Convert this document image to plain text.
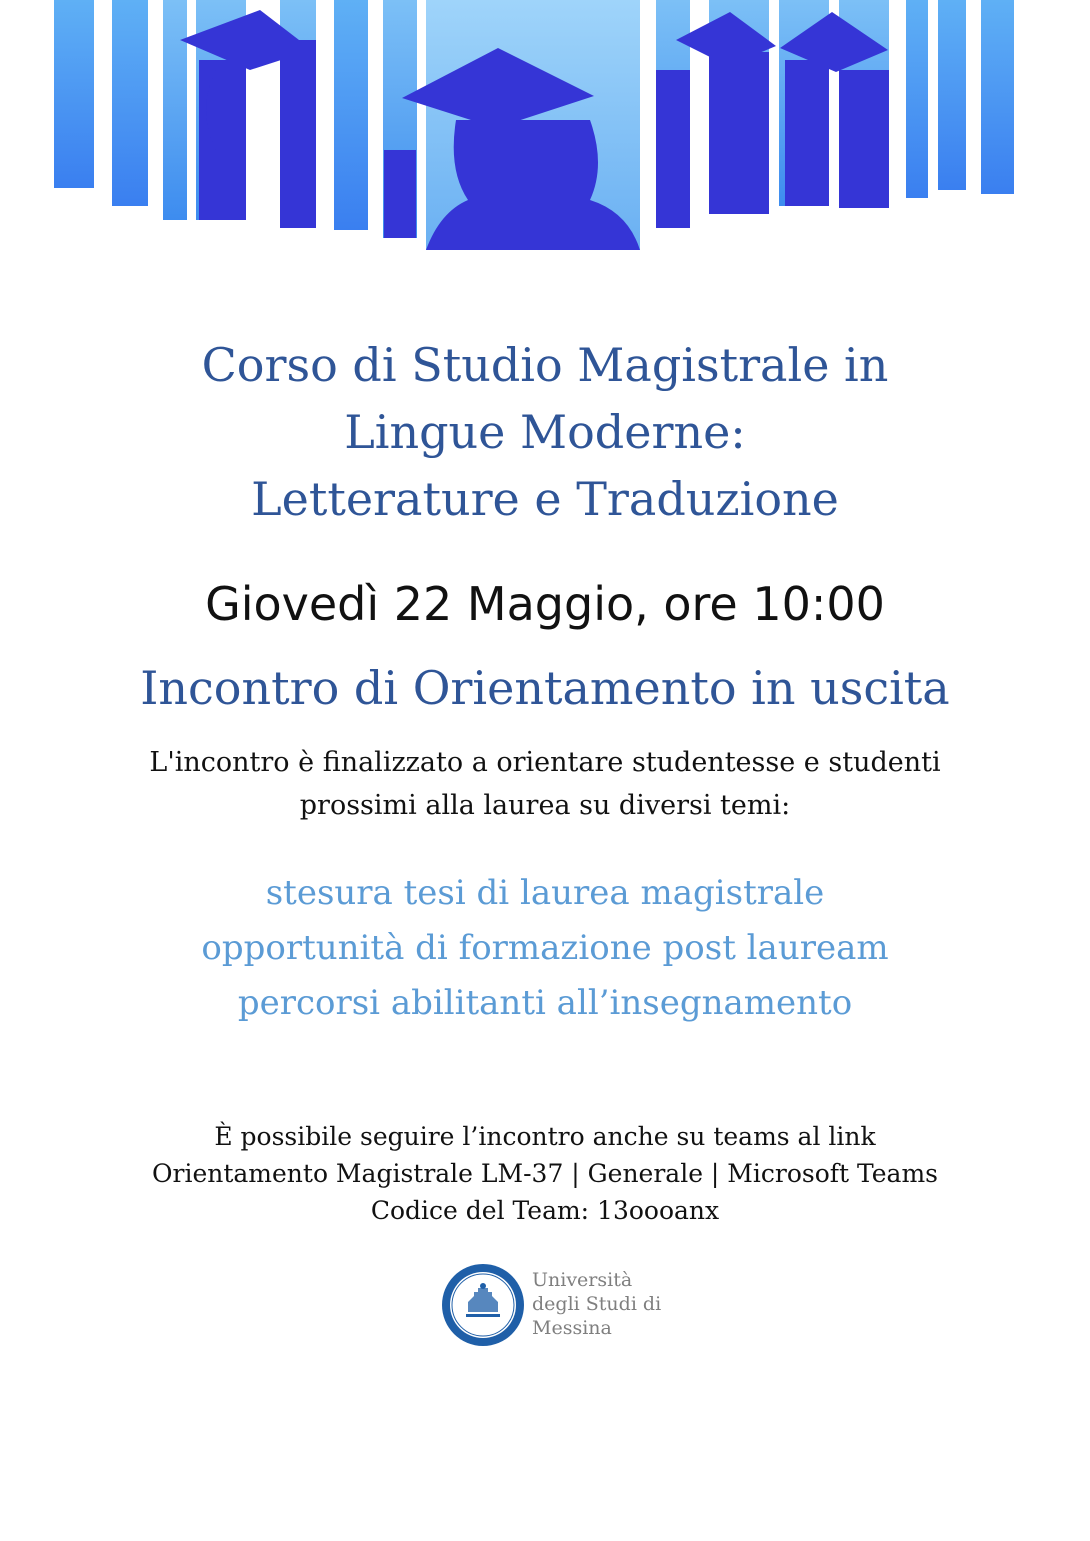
Corso di Studio Magistrale in
Lingue Moderne:
Letterature e Traduzione
Giovedì 22 Maggio, ore 10:00
Incontro di Orientamento in uscita
L'incontro è finalizzato a orientare studentesse e studenti
prossimi alla laurea su diversi temi:
stesura tesi di laurea magistrale
opportunità di formazione post lauream
percorsi abilitanti all’insegnamento
È possibile seguire l’incontro anche su teams al link
Orientamento Magistrale LM-37 | Generale | Microsoft Teams
Codice del Team: 13oooanx
Università
degli Studi di
Messina
